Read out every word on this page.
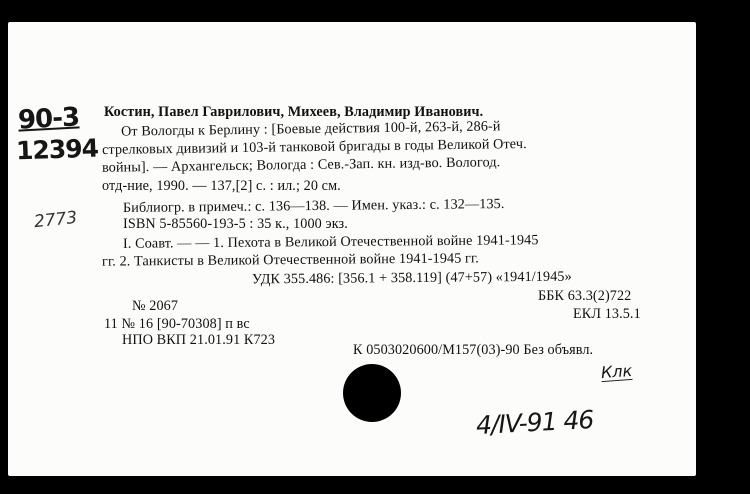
90-3
12394
2773
Костин, Павел Гаврилович, Михеев, Владимир Иванович.
От Вологды к Берлину : [Боевые действия 100-й, 263-й, 286-й
стрелковых дивизий и 103-й танковой бригады в годы Великой Отеч.
войны]. — Архангельск; Вологда : Сев.-Зап. кн. изд-во. Вологод.
отд-ние, 1990. — 137,[2] с. : ил.; 20 см.
Библиогр. в примеч.: с. 136—138. — Имен. указ.: с. 132—135.
ISBN 5-85560-193-5 : 35 к., 1000 экз.
I. Соавт. — — 1. Пехота в Великой Отечественной войне 1941-1945
гг. 2. Танкисты в Великой Отечественной войне 1941-1945 гг.
УДК 355.486: [356.1 + 358.119] (47+57) «1941/1945»
ББК 63.3(2)722
№ 2067	ЕКЛ 13.5.1
11 № 16 [90-70308] п вс
НПО ВКП 21.01.91 К723
К 0503020600/М157(03)-90 Без объявл.
Клк
4/IV-91 46
